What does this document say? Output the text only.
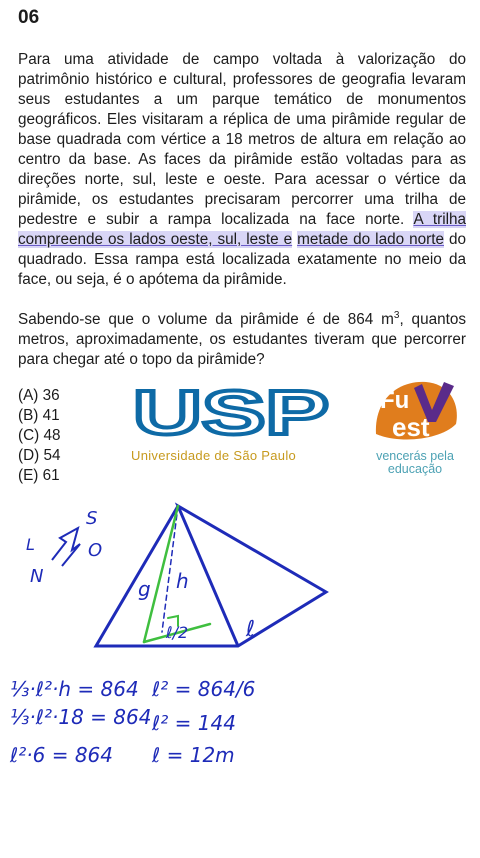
06

Para uma atividade de campo voltada à valorização do patrimônio histórico e cultural, professores de geografia levaram seus estudantes a um parque temático de monumentos geográficos. Eles visitaram a réplica de uma pirâmide regular de base quadrada com vértice a 18 metros de altura em relação ao centro da base. As faces da pirâmide estão voltadas para as direções norte, sul, leste e oeste. Para acessar o vértice da pirâmide, os estudantes precisaram percorrer uma trilha de pedestre e subir a rampa localizada na face norte. A trilha compreende os lados oeste, sul, leste e metade do lado norte do quadrado. Essa rampa está localizada exatamente no meio da face, ou seja, é o apótema da pirâmide.

Sabendo-se que o volume da pirâmide é de 864 $m^3$, quantos metros, aproximadamente, os estudantes tiveram que percorrer para chegar até o topo da pirâmide?

(A) 36
(B) 41
(C) 48
(D) 54
(E) 61
USP
Universidade de São Paulo
Fu
est
vencerás pela
educação
S
O
L
N
g h
ℓ/2	ℓ
⅓·ℓ²·h = 864
⅓·ℓ²·18 = 864
ℓ²·6 = 864
ℓ² = 864/6
ℓ² = 144
ℓ = 12m
